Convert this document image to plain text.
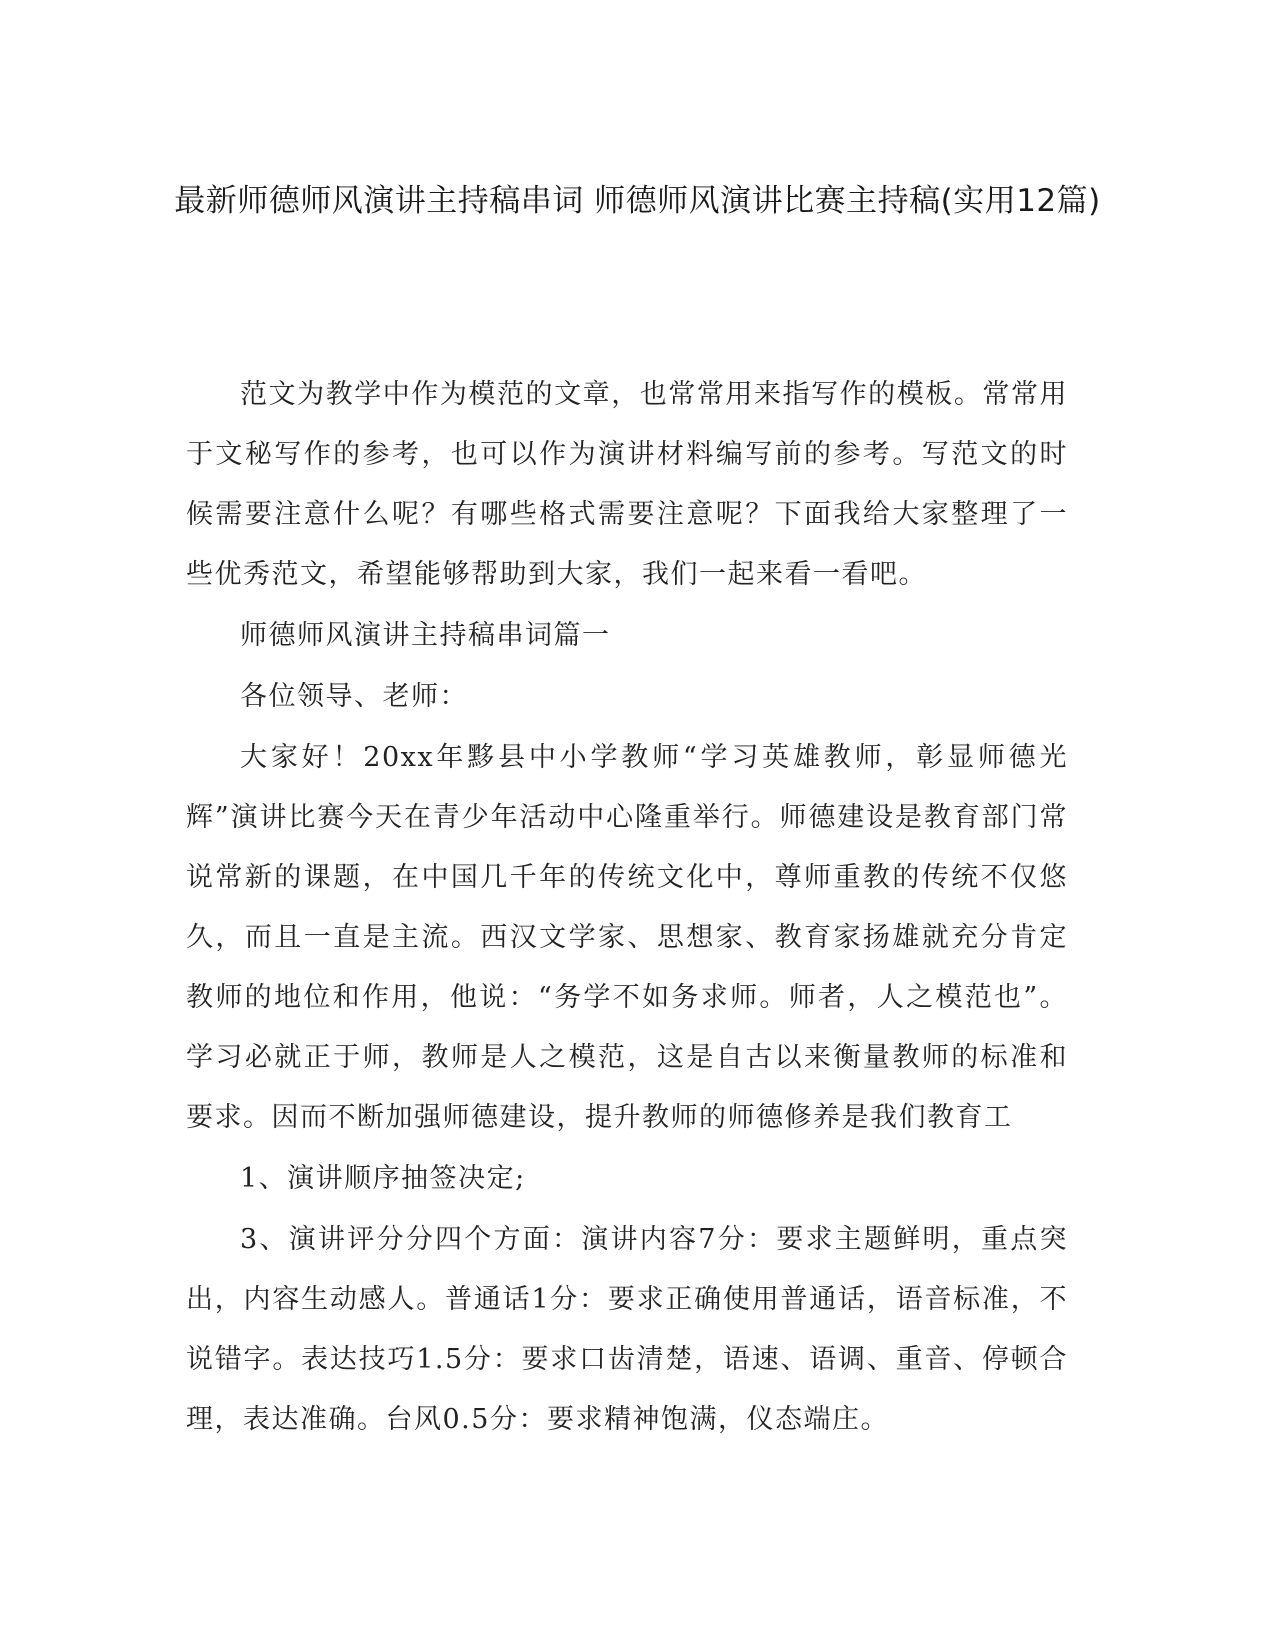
最新师德师风演讲主持稿串词 师德师风演讲比赛主持稿(实用12篇)

范文为教学中作为模范的文章，也常常用来指写作的模板。常常用于文秘写作的参考，也可以作为演讲材料编写前的参考。写范文的时候需要注意什么呢？有哪些格式需要注意呢？下面我给大家整理了一些优秀范文，希望能够帮助到大家，我们一起来看一看吧。

师德师风演讲主持稿串词篇一

各位领导、老师：

大家好！20xx年黟县中小学教师“学习英雄教师，彰显师德光辉”演讲比赛今天在青少年活动中心隆重举行。师德建设是教育部门常说常新的课题，在中国几千年的传统文化中，尊师重教的传统不仅悠久，而且一直是主流。西汉文学家、思想家、教育家扬雄就充分肯定教师的地位和作用，他说：“务学不如务求师。师者，人之模范也”。学习必就正于师，教师是人之模范，这是自古以来衡量教师的标准和要求。因而不断加强师德建设，提升教师的师德修养是我们教育工

1、演讲顺序抽签决定;

3、演讲评分分四个方面：演讲内容7分：要求主题鲜明，重点突出，内容生动感人。普通话1分：要求正确使用普通话，语音标准，不说错字。表达技巧1.5分：要求口齿清楚，语速、语调、重音、停顿合理，表达准确。台风0.5分：要求精神饱满，仪态端庄。
